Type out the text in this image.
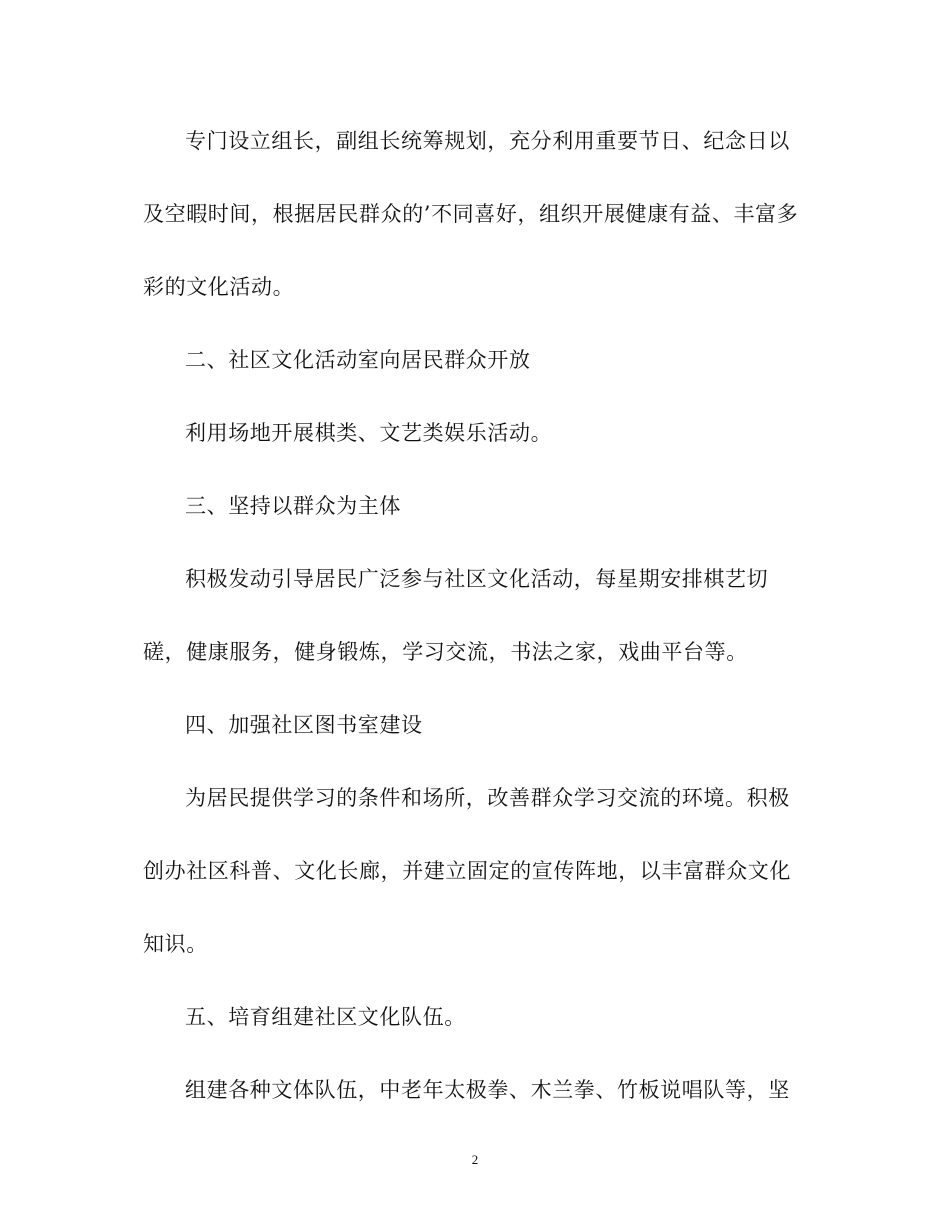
专门设立组长，副组长统筹规划，充分利用重要节日、纪念日以
及空暇时间，根据居民群众的’不同喜好，组织开展健康有益、丰富多
彩的文化活动。
二、社区文化活动室向居民群众开放
利用场地开展棋类、文艺类娱乐活动。
三、坚持以群众为主体
积极发动引导居民广泛参与社区文化活动，每星期安排棋艺切
磋，健康服务，健身锻炼，学习交流，书法之家，戏曲平台等。
四、加强社区图书室建设
为居民提供学习的条件和场所，改善群众学习交流的环境。积极
创办社区科普、文化长廊，并建立固定的宣传阵地，以丰富群众文化
知识。
五、培育组建社区文化队伍。
组建各种文体队伍，中老年太极拳、木兰拳、竹板说唱队等，坚
2
